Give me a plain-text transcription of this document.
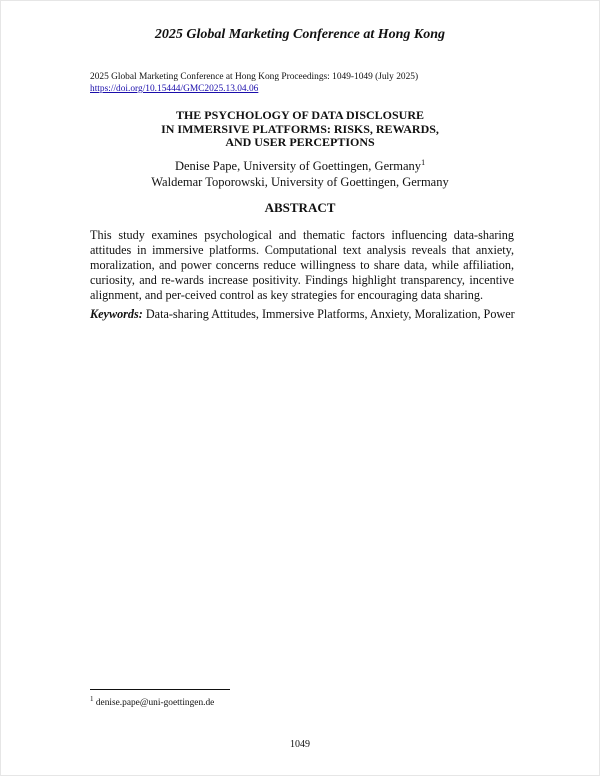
2025 Global Marketing Conference at Hong Kong
2025 Global Marketing Conference at Hong Kong Proceedings: 1049-1049 (July 2025)
https://doi.org/10.15444/GMC2025.13.04.06
THE PSYCHOLOGY OF DATA DISCLOSURE
IN IMMERSIVE PLATFORMS: RISKS, REWARDS,
AND USER PERCEPTIONS
Denise Pape, University of Goettingen, Germany$^1$
Waldemar Toporowski, University of Goettingen, Germany
ABSTRACT
This study examines psychological and thematic factors influencing data-sharing attitudes in immersive platforms. Computational text analysis reveals that anxiety, moralization, and power concerns reduce willingness to share data, while affiliation, curiosity, and re-wards increase positivity. Findings highlight transparency, incentive alignment, and per-ceived control as key strategies for encouraging data sharing.
Keywords: Data-sharing Attitudes, Immersive Platforms, Anxiety, Moralization, Power
$^1$ denise.pape@uni-goettingen.de
1049
